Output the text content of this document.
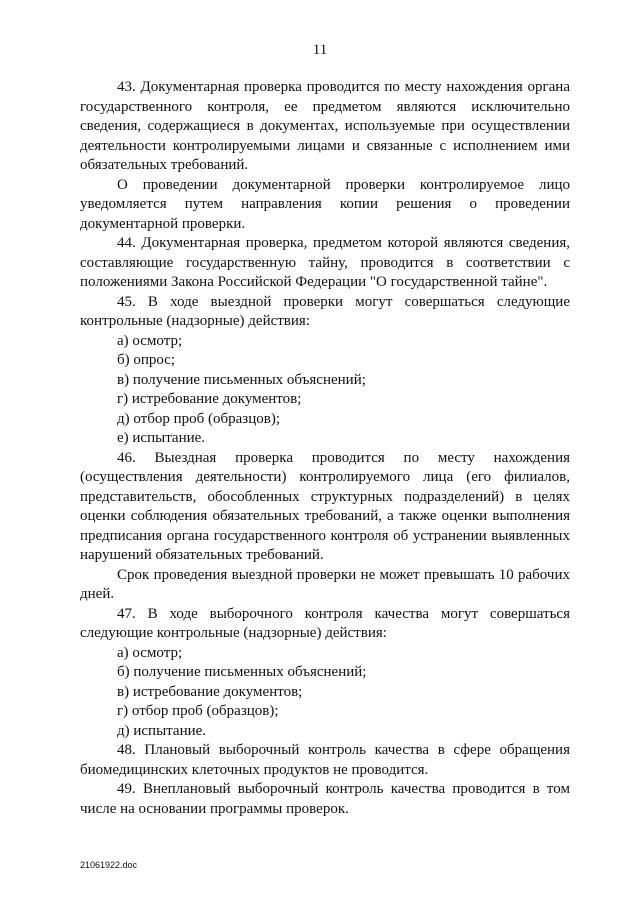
11

43. Документарная проверка проводится по месту нахождения органа государственного контроля, ее предметом являются исключительно сведения, содержащиеся в документах, используемые при осуществлении деятельности контролируемыми лицами и связанные с исполнением ими обязательных требований.

О проведении документарной проверки контролируемое лицо уведомляется путем направления копии решения о проведении документарной проверки.

44. Документарная проверка, предметом которой являются сведения, составляющие государственную тайну, проводится в соответствии с положениями Закона Российской Федерации "О государственной тайне".

45. В ходе выездной проверки могут совершаться следующие контрольные (надзорные) действия:

а) осмотр;

б) опрос;

в) получение письменных объяснений;

г) истребование документов;

д) отбор проб (образцов);

е) испытание.

46. Выездная проверка проводится по месту нахождения (осуществления деятельности) контролируемого лица (его филиалов, представительств, обособленных структурных подразделений) в целях оценки соблюдения обязательных требований, а также оценки выполнения предписания органа государственного контроля об устранении выявленных нарушений обязательных требований.

Срок проведения выездной проверки не может превышать 10 рабочих дней.

47. В ходе выборочного контроля качества могут совершаться следующие контрольные (надзорные) действия:

а) осмотр;

б) получение письменных объяснений;

в) истребование документов;

г) отбор проб (образцов);

д) испытание.

48. Плановый выборочный контроль качества в сфере обращения биомедицинских клеточных продуктов не проводится.

49. Внеплановый выборочный контроль качества проводится в том числе на основании программы проверок.

21061922.doc
